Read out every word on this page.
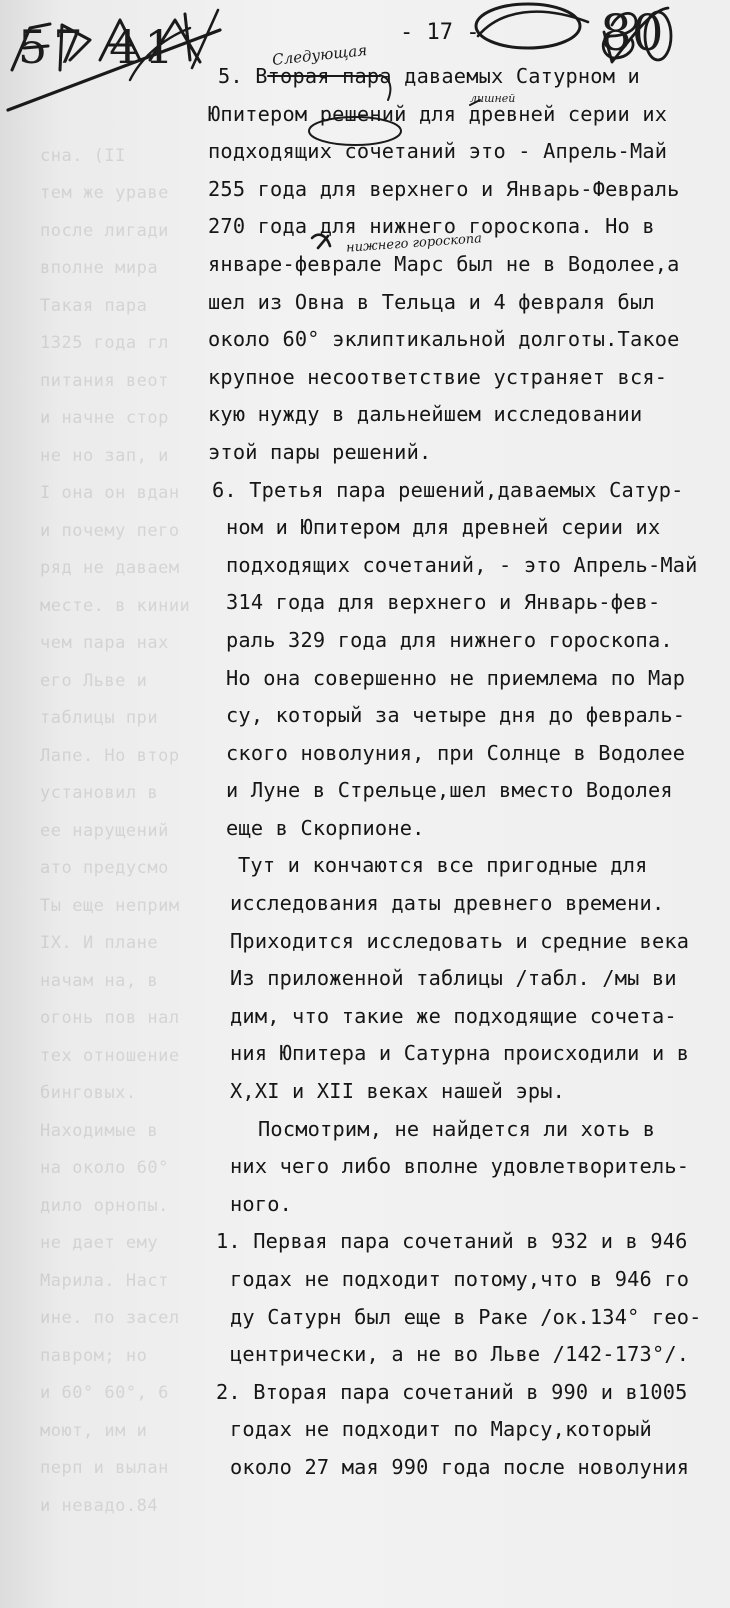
сна. (II
тем же ураве
после лигади
вполне мира
Такая пара
1325 года гл
питания веот
и начне стор
не но зап, и
I она он вдан
и почему пего
ряд не даваем
месте. в кинии
чем пара нах
его Льве и
таблицы при
Лапе. Но втор
установил в
ее нарущений
ато предусмо
Ты еще неприм
IX. И плане
начам на, в
огонь пов нал
тех отношение
бинговых.
Находимые в
на около 60°
дило орнопы.
не дает ему
Марила. Наст
ине. по засел
павром; но
и 60° 60°, 6
моют, им и
перп и вылан
и невадо.84
Следующая
лишней
нижнего гороскопа
- 17 -
5. Вторая пара даваемых Сатурном и
Юпитером решений для древней серии их
подходящих сочетаний это - Апрель-Май
255 года для верхнего и Январь-Февраль
270 года для нижнего гороскопа. Но в
январе-феврале Марс был не в Водолее,а
шел из Овна в Тельца и 4 февраля был
около 60° эклиптикальной долготы.Такое
крупное несоответствие устраняет вся-
кую нужду в дальнейшем исследовании
этой пары решений.
6. Третья пара решений,даваемых Сатур-
ном и Юпитером для древней серии их
подходящих сочетаний, - это Апрель-Май
314 года для верхнего и Январь-фев-
раль 329 года для нижнего гороскопа.
Но она совершенно не приемлема по Мар
су, который за четыре дня до февраль-
ского новолуния, при Солнце в Водолее
и Луне в Стрельце,шел вместо Водолея
еще в Скорпионе.
Тут и кончаются все пригодные для
исследования даты древнего времени.
Приходится исследовать и средние века
Из приложенной таблицы /табл. /мы ви
дим, что такие же подходящие сочета-
ния Юпитера и Сатурна происходили и в
X,XI и XII веках нашей эры.
Посмотрим, не найдется ли хоть в
них чего либо вполне удовлетворитель-
ного.
1. Первая пара сочетаний в 932 и в 946
годах не подходит потому,что в 946 го
ду Сатурн был еще в Раке /ок.134° гео-
центрически, а не во Льве /142-173°/.
2. Вторая пара сочетаний в 990 и в1005
годах не подходит по Марсу,который
около 27 мая 990 года после новолуния
80
57 41
